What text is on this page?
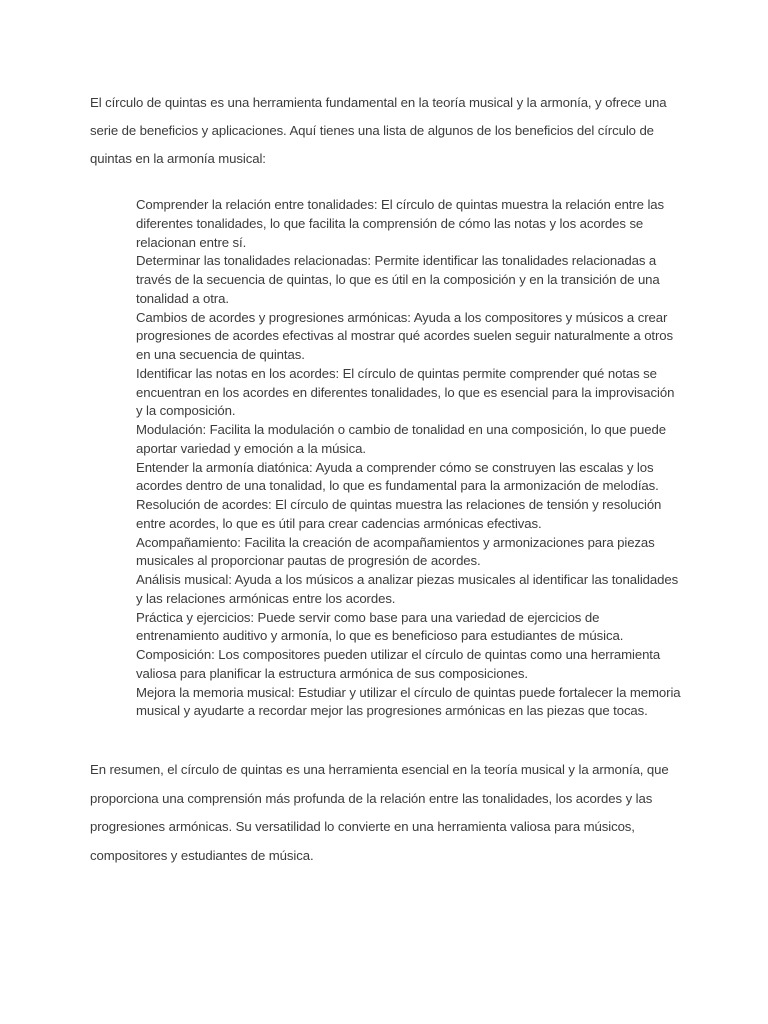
El círculo de quintas es una herramienta fundamental en la teoría musical y la armonía, y ofrece una serie de beneficios y aplicaciones. Aquí tienes una lista de algunos de los beneficios del círculo de quintas en la armonía musical:

Comprender la relación entre tonalidades: El círculo de quintas muestra la relación entre las diferentes tonalidades, lo que facilita la comprensión de cómo las notas y los acordes se relacionan entre sí.
Determinar las tonalidades relacionadas: Permite identificar las tonalidades relacionadas a través de la secuencia de quintas, lo que es útil en la composición y en la transición de una tonalidad a otra.
Cambios de acordes y progresiones armónicas: Ayuda a los compositores y músicos a crear progresiones de acordes efectivas al mostrar qué acordes suelen seguir naturalmente a otros en una secuencia de quintas.
Identificar las notas en los acordes: El círculo de quintas permite comprender qué notas se encuentran en los acordes en diferentes tonalidades, lo que es esencial para la improvisación y la composición.
Modulación: Facilita la modulación o cambio de tonalidad en una composición, lo que puede aportar variedad y emoción a la música.
Entender la armonía diatónica: Ayuda a comprender cómo se construyen las escalas y los acordes dentro de una tonalidad, lo que es fundamental para la armonización de melodías.
Resolución de acordes: El círculo de quintas muestra las relaciones de tensión y resolución entre acordes, lo que es útil para crear cadencias armónicas efectivas.
Acompañamiento: Facilita la creación de acompañamientos y armonizaciones para piezas musicales al proporcionar pautas de progresión de acordes.
Análisis musical: Ayuda a los músicos a analizar piezas musicales al identificar las tonalidades y las relaciones armónicas entre los acordes.
Práctica y ejercicios: Puede servir como base para una variedad de ejercicios de entrenamiento auditivo y armonía, lo que es beneficioso para estudiantes de música.
Composición: Los compositores pueden utilizar el círculo de quintas como una herramienta valiosa para planificar la estructura armónica de sus composiciones.
Mejora la memoria musical: Estudiar y utilizar el círculo de quintas puede fortalecer la memoria musical y ayudarte a recordar mejor las progresiones armónicas en las piezas que tocas.

En resumen, el círculo de quintas es una herramienta esencial en la teoría musical y la armonía, que proporciona una comprensión más profunda de la relación entre las tonalidades, los acordes y las progresiones armónicas. Su versatilidad lo convierte en una herramienta valiosa para músicos, compositores y estudiantes de música.
